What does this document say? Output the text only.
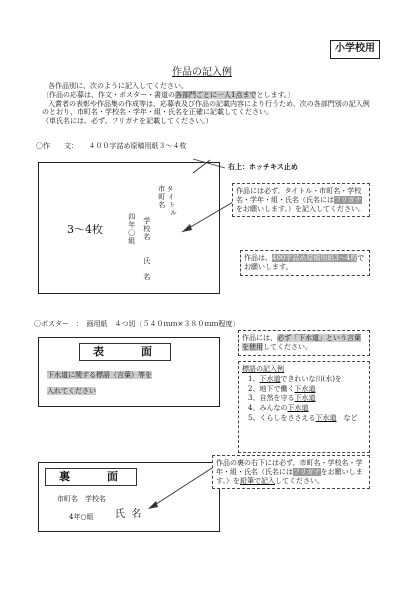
小学校用
作品の記入例
各作品別に、次のように記入してください。
〔作品の応募は、作文・ポスター・書道の各部門ごとに一人1点までとします。〕
入賞者の表彰や作品集の作成等は、応募表及び作品の記載内容により行うため、次の各部門別の記入例
のとおり、市町名・学校名・学年・組・氏名を正確に記載してください。
（単氏名には、必ず、フリガナを記載してください。）
〇作　　文：　　４００字詰め原稿用紙３～４枚
3～4枚
タイトル
市町名
学校名
四年〇組
氏
名
右上：ホッチキス止め
作品には必ず、タイトル・市町名・学校名・学年・組・氏名（氏名にはフリガナをお願いします。）を記入してください。
作品は、400字詰め原稿用紙3～4枚でお願いします。
〇ポスター　：　画用紙　４つ切〔５４０ｍｍ×３８０ｍｍ程度〕
表　　面
下水道に関する標語（言葉）等を
入れてください
作品には、必ず「下水道」という言葉を使用してください。
標語の記入例
1、下水道できれいな川(水)を
2、地下で働く下水道
3、自然を守る下水道
4、みんなの下水道
5、くらしをささえる下水道　など
裏　　面
市町名　学校名
4年○組 氏 名
作品の裏の右下には必ず、市町名・学校名・学年・組・氏名（氏名にはフリガナをお願いします。）を鉛筆で記入してください。
